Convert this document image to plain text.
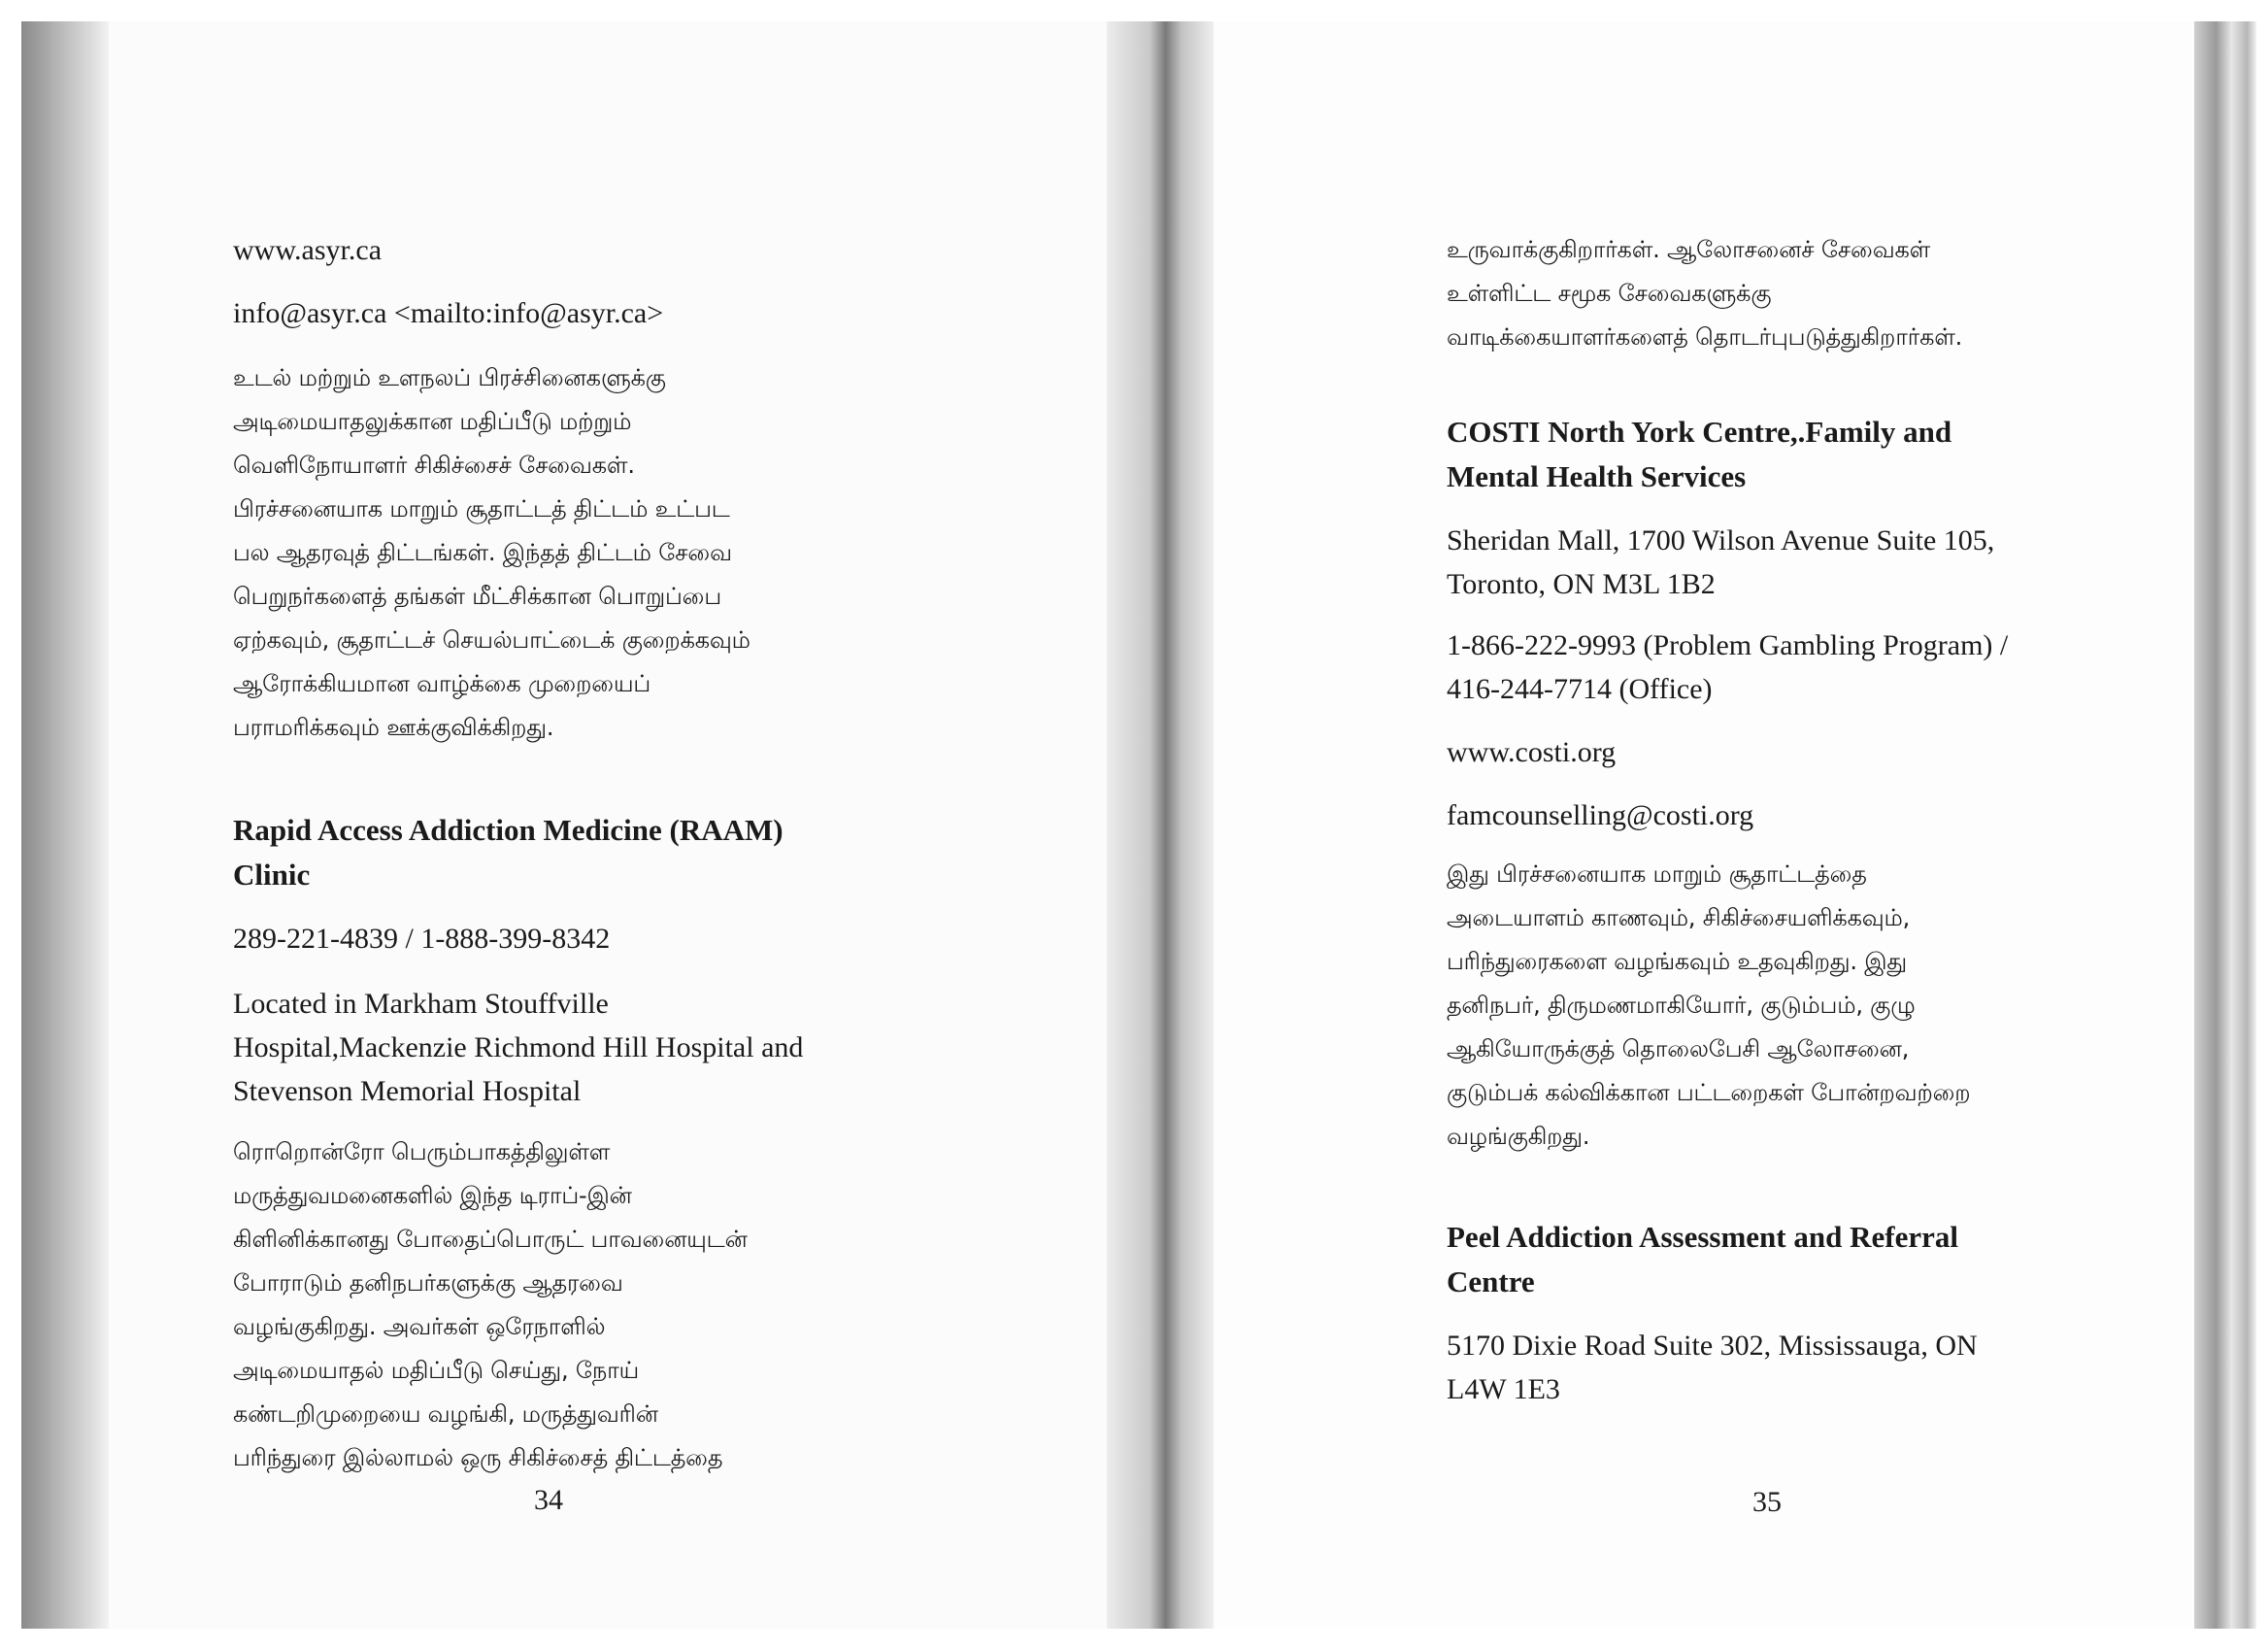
www.asyr.ca

info@asyr.ca <mailto:info@asyr.ca>

உடல் மற்றும் உளநலப் பிரச்சினைகளுக்கு

அடிமையாதலுக்கான மதிப்பீடு மற்றும்

வெளிநோயாளர் சிகிச்சைச் சேவைகள்.

பிரச்சனையாக மாறும் சூதாட்டத் திட்டம் உட்பட

பல ஆதரவுத் திட்டங்கள். இந்தத் திட்டம் சேவை

பெறுநர்களைத் தங்கள் மீட்சிக்கான பொறுப்பை

ஏற்கவும், சூதாட்டச் செயல்பாட்டைக் குறைக்கவும்

ஆரோக்கியமான வாழ்க்கை முறையைப்

பராமரிக்கவும் ஊக்குவிக்கிறது.

Rapid Access Addiction Medicine (RAAM)

Clinic

289-221-4839 / 1-888-399-8342

Located in Markham Stouffville

Hospital,Mackenzie Richmond Hill Hospital and

Stevenson Memorial Hospital

ரொறொன்ரோ பெரும்பாகத்திலுள்ள

மருத்துவமனைகளில் இந்த டிராப்-இன்

கிளினிக்கானது போதைப்பொருட் பாவனையுடன்

போராடும் தனிநபர்களுக்கு ஆதரவை

வழங்குகிறது. அவர்கள் ஒரேநாளில்

அடிமையாதல் மதிப்பீடு செய்து, நோய்

கண்டறிமுறையை வழங்கி, மருத்துவரின்

பரிந்துரை இல்லாமல் ஒரு சிகிச்சைத் திட்டத்தை

34

உருவாக்குகிறார்கள். ஆலோசனைச் சேவைகள்

உள்ளிட்ட சமூக சேவைகளுக்கு

வாடிக்கையாளர்களைத் தொடர்புபடுத்துகிறார்கள்.

COSTI North York Centre,.Family and

Mental Health Services

Sheridan Mall, 1700 Wilson Avenue Suite 105,

Toronto, ON M3L 1B2

1-866-222-9993 (Problem Gambling Program) /

416-244-7714 (Office)

www.costi.org

famcounselling@costi.org

இது பிரச்சனையாக மாறும் சூதாட்டத்தை

அடையாளம் காணவும், சிகிச்சையளிக்கவும்,

பரிந்துரைகளை வழங்கவும் உதவுகிறது. இது

தனிநபர், திருமணமாகியோர், குடும்பம், குழு

ஆகியோருக்குத் தொலைபேசி ஆலோசனை,

குடும்பக் கல்விக்கான பட்டறைகள் போன்றவற்றை

வழங்குகிறது.

Peel Addiction Assessment and Referral

Centre

5170 Dixie Road Suite 302, Mississauga, ON

L4W 1E3

35
